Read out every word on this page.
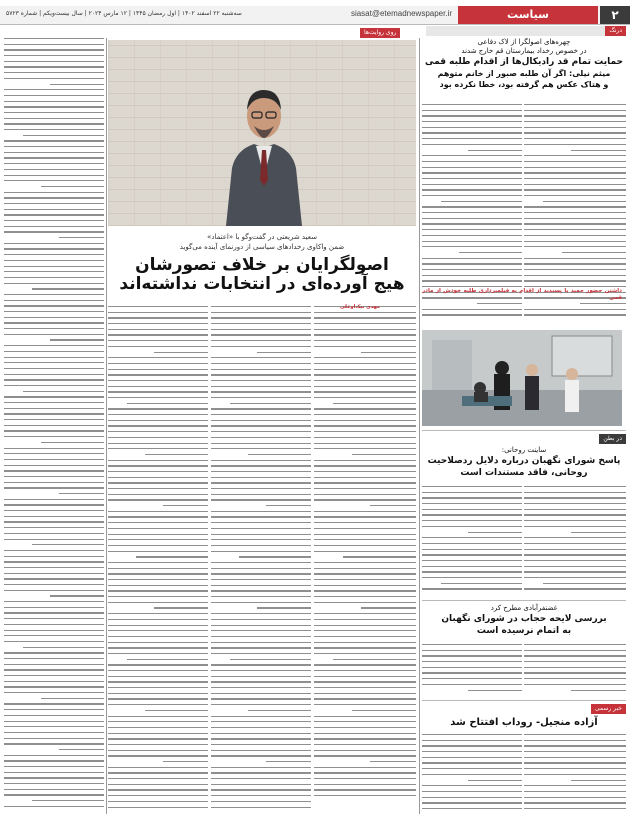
۲
سیاست
siasat@etemadnewspaper.ir
سه‌شنبه ۲۲ اسفند ۱۴۰۲ | اول رمضان ۱۴۴۵ | ۱۲ مارس ۲۰۲۴ | سال بیست‌ویکم | شماره ۵۷۲۳
روی روایت‌ها
سعید شریعتی در گفت‌وگو با «اعتماد»
ضمن واکاوی رخدادهای سیاسی از دورنمای آینده می‌گوید
اصولگرایان بر خلاف تصورشان
هیج آورده‌ای در انتخابات نداشته‌اند
مهدی بیک‌اوغلی
درنگ
چهره‌های اصولگرا از لاک دفاعی
در خصوص رخداد بیمارستان قم خارج شدند
حمایت تمام قد رادیکال‌ها از اقدام طلبه قمی
میثم نیلی: اگر آن طلبه صبور از خانم متوهم
و هتاک عکس هم گرفته بود، خطا نکرده بود
داشتن حضور حمید با پسندید از اقدام به فیلمبرداری طلبه خودش از مادر قمی
در بطن
ساینت روحانی:
پاسخ شورای نگهبان درباره دلایل ردصلاحیت
روحانی، فاقد مستندات است
غضنفرآبادی مطرح کرد
بررسی لایحه حجاب در شورای نگهبان
به اتمام نرسیده است
خبر رسمی
آزاده منجیل- روداب افتتاح شد
